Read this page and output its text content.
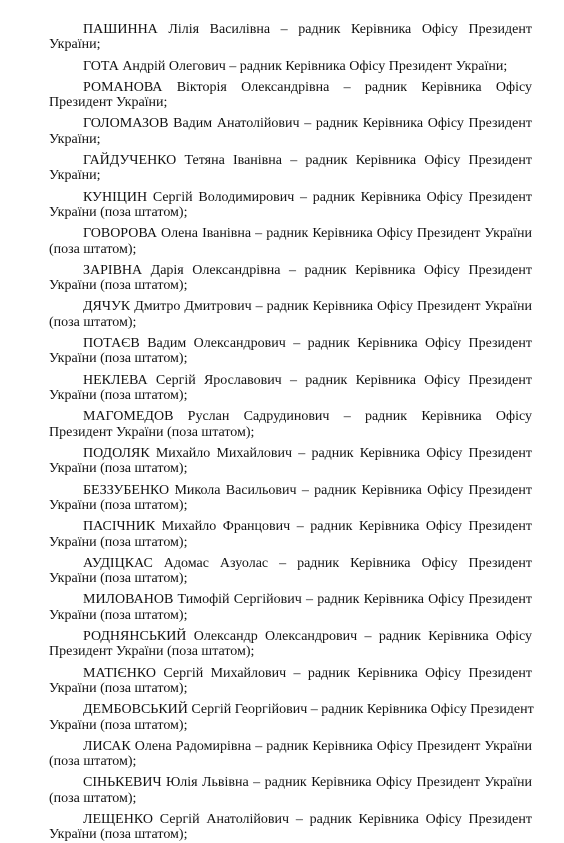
ПАШИННА Лілія Василівна – радник Керівника Офісу Президент
України;
ГОТА Андрій Олегович – радник Керівника Офісу Президент України;
РОМАНОВА Вікторія Олександрівна – радник Керівника Офісу
Президент України;
ГОЛОМАЗОВ Вадим Анатолійович – радник Керівника Офісу Президент
України;
ГАЙДУЧЕНКО Тетяна Іванівна – радник Керівника Офісу Президент
України;
КУНІЦИН Сергій Володимирович – радник Керівника Офісу Президент
України (поза штатом);
ГОВОРОВА Олена Іванівна – радник Керівника Офісу Президент України
(поза штатом);
ЗАРІВНА Дарія Олександрівна – радник Керівника Офісу Президент
України (поза штатом);
ДЯЧУК Дмитро Дмитрович – радник Керівника Офісу Президент України
(поза штатом);
ПОТАЄВ Вадим Олександрович – радник Керівника Офісу Президент
України (поза штатом);
НЕКЛЕВА Сергій Ярославович – радник Керівника Офісу Президент
України (поза штатом);
МАГОМЕДОВ Руслан Садрудинович – радник Керівника Офісу
Президент України (поза штатом);
ПОДОЛЯК Михайло Михайлович – радник Керівника Офісу Президент
України (поза штатом);
БЕЗЗУБЕНКО Микола Васильович – радник Керівника Офісу Президент
України (поза штатом);
ПАСІЧНИК Михайло Францович – радник Керівника Офісу Президент
України (поза штатом);
АУДІЦКАС Адомас Азуолас – радник Керівника Офісу Президент
України (поза штатом);
МИЛОВАНОВ Тимофій Сергійович – радник Керівника Офісу Президент
України (поза штатом);
РОДНЯНСЬКИЙ Олександр Олександрович – радник Керівника Офісу
Президент України (поза штатом);
МАТІЄНКО Сергій Михайлович – радник Керівника Офісу Президент
України (поза штатом);
ДЕМБОВСЬКИЙ Сергій Георгійович – радник Керівника Офісу Президент
України (поза штатом);
ЛИСАК Олена Радомирівна – радник Керівника Офісу Президент України
(поза штатом);
СІНЬКЕВИЧ Юлія Львівна – радник Керівника Офісу Президент України
(поза штатом);
ЛЕЩЕНКО Сергій Анатолійович – радник Керівника Офісу Президент
України (поза штатом);
